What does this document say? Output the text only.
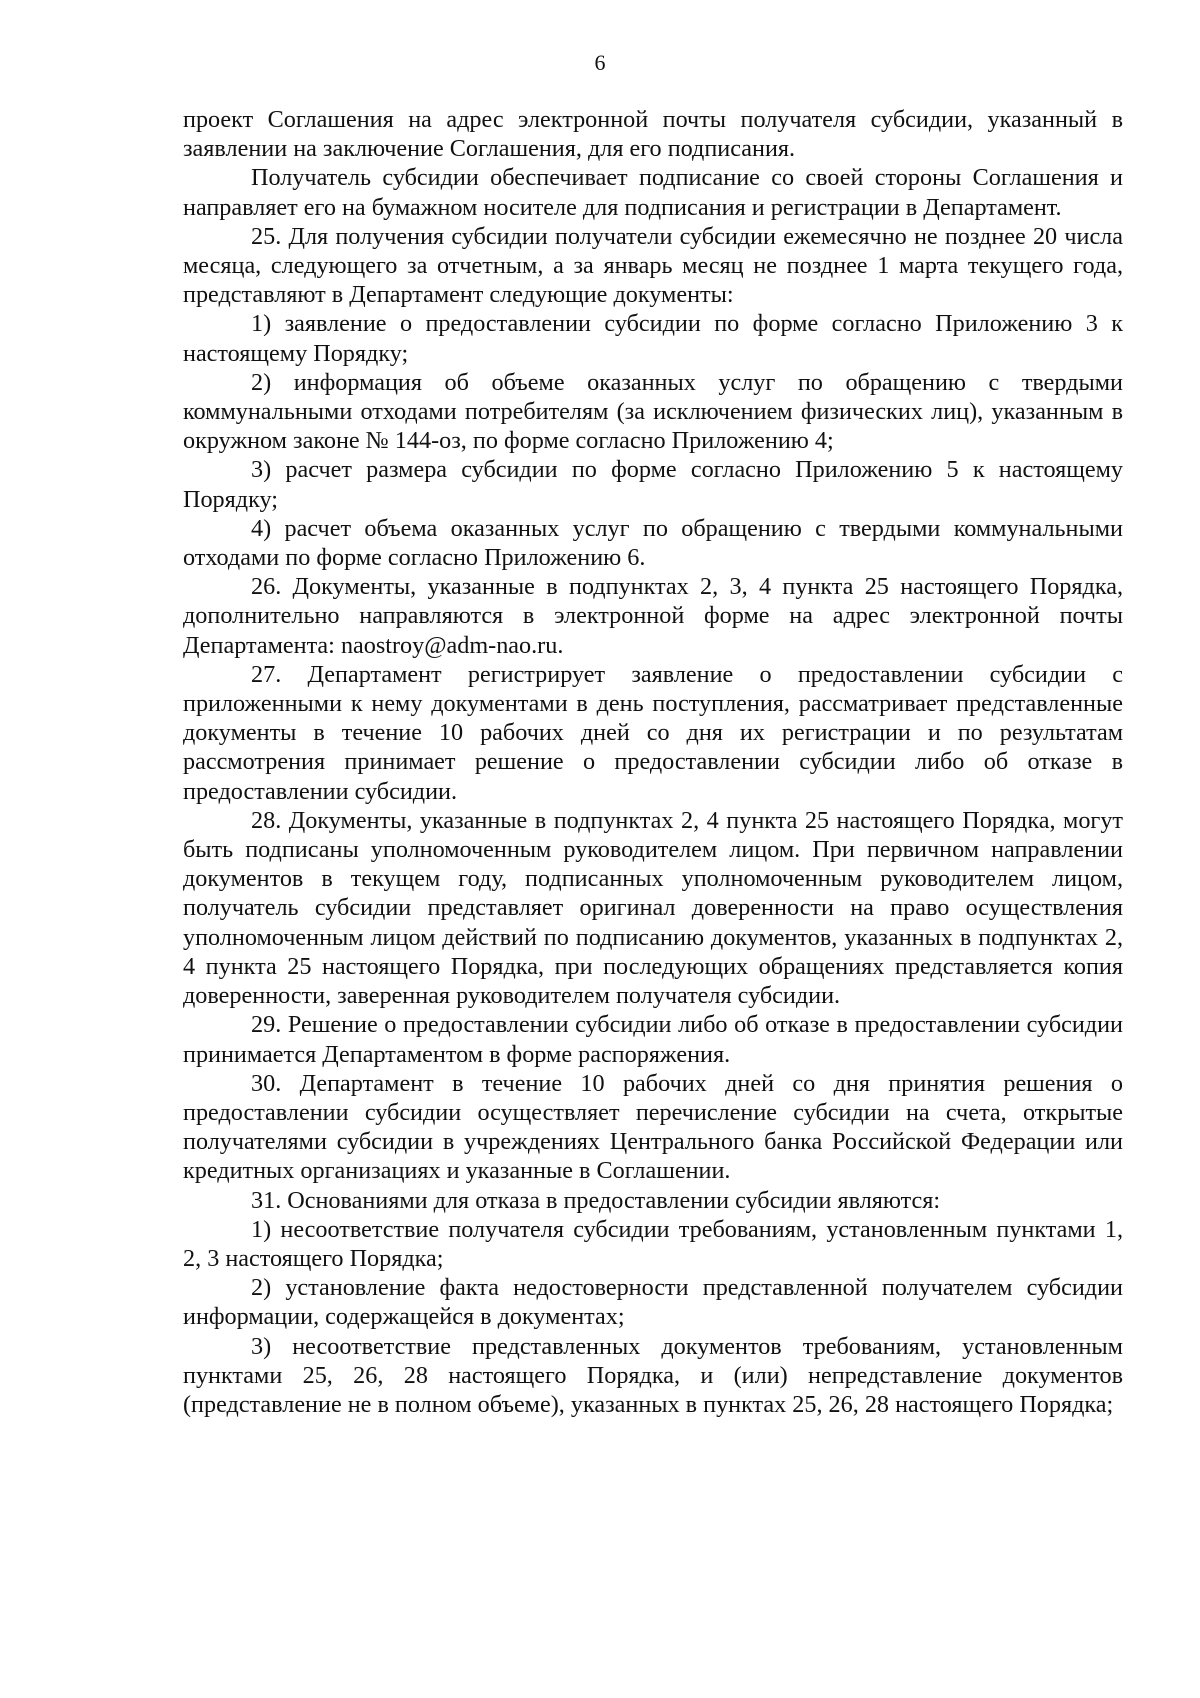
6

проект Соглашения на адрес электронной почты получателя субсидии, указанный в заявлении на заключение Соглашения, для его подписания.

Получатель субсидии обеспечивает подписание со своей стороны Соглашения и направляет его на бумажном носителе для подписания и регистрации в Департамент.

25. Для получения субсидии получатели субсидии ежемесячно не позднее 20 числа месяца, следующего за отчетным, а за январь месяц не позднее 1 марта текущего года, представляют в Департамент следующие документы:

1) заявление о предоставлении субсидии по форме согласно Приложению 3 к настоящему Порядку;

2) информация об объеме оказанных услуг по обращению с твердыми коммунальными отходами потребителям (за исключением физических лиц), указанным в окружном законе № 144-оз, по форме согласно Приложению 4;

3) расчет размера субсидии по форме согласно Приложению 5 к настоящему Порядку;

4) расчет объема оказанных услуг по обращению с твердыми коммунальными отходами по форме согласно Приложению 6.

26. Документы, указанные в подпунктах 2, 3, 4 пункта 25 настоящего Порядка, дополнительно направляются в электронной форме на адрес электронной почты Департамента: naostroy@adm-nao.ru.

27. Департамент регистрирует заявление о предоставлении субсидии с приложенными к нему документами в день поступления, рассматривает представленные документы в течение 10 рабочих дней со дня их регистрации и по результатам рассмотрения принимает решение о предоставлении субсидии либо об отказе в предоставлении субсидии.

28. Документы, указанные в подпунктах 2, 4 пункта 25 настоящего Порядка, могут быть подписаны уполномоченным руководителем лицом. При первичном направлении документов в текущем году, подписанных уполномоченным руководителем лицом, получатель субсидии представляет оригинал доверенности на право осуществления уполномоченным лицом действий по подписанию документов, указанных в подпунктах 2, 4 пункта 25 настоящего Порядка, при последующих обращениях представляется копия доверенности, заверенная руководителем получателя субсидии.

29. Решение о предоставлении субсидии либо об отказе в предоставлении субсидии принимается Департаментом в форме распоряжения.

30. Департамент в течение 10 рабочих дней со дня принятия решения о предоставлении субсидии осуществляет перечисление субсидии на счета, открытые получателями субсидии в учреждениях Центрального банка Российской Федерации или кредитных организациях и указанные в Соглашении.

31. Основаниями для отказа в предоставлении субсидии являются:

1) несоответствие получателя субсидии требованиям, установленным пунктами 1, 2, 3 настоящего Порядка;

2) установление факта недостоверности представленной получателем субсидии информации, содержащейся в документах;

3) несоответствие представленных документов требованиям, установленным пунктами 25, 26, 28 настоящего Порядка, и (или) непредставление документов (представление не в полном объеме), указанных в пунктах 25, 26, 28 настоящего Порядка;
